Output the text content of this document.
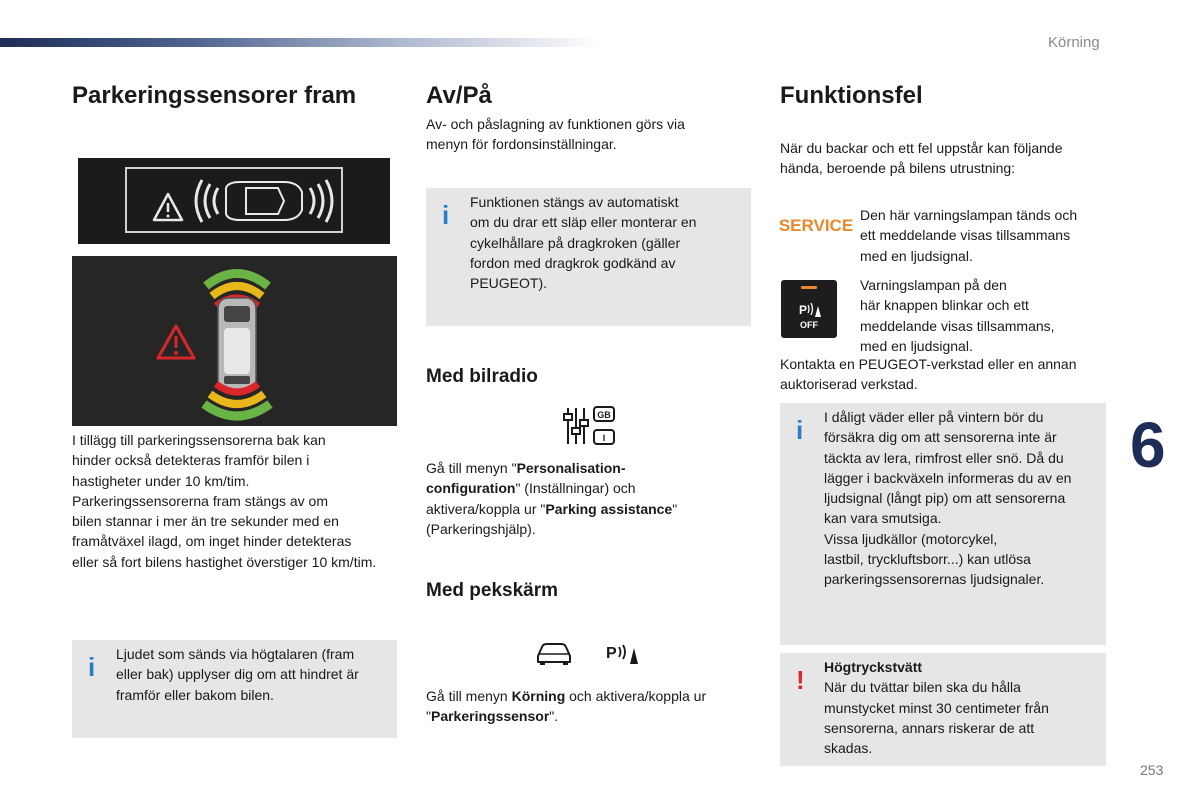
Körning
6
253
Parkeringssensorer fram
I tillägg till parkeringssensorerna bak kan
hinder också detekteras framför bilen i
hastigheter under 10 km/tim.
Parkeringssensorerna fram stängs av om
bilen stannar i mer än tre sekunder med en
framåtväxel ilagd, om inget hinder detekteras
eller så fort bilens hastighet överstiger 10 km/tim.
i Ljudet som sänds via högtalaren (fram
eller bak) upplyser dig om att hindret är
framför eller bakom bilen.
Av/På
Av- och påslagning av funktionen görs via
menyn för fordonsinställningar.
i Funktionen stängs av automatiskt
om du drar ett släp eller monterar en
cykelhållare på dragkroken (gäller
fordon med dragkrok godkänd av
PEUGEOT).
Med bilradio
GB
I
Gå till menyn "Personalisation-
configuration" (Inställningar) och
aktivera/koppla ur "Parking assistance"
(Parkeringshjälp).
Med pekskärm
P
Gå till menyn Körning och aktivera/koppla ur
"Parkeringssensor".
Funktionsfel
När du backar och ett fel uppstår kan följande
hända, beroende på bilens utrustning:
SERVICE
Den här varningslampan tänds och
ett meddelande visas tillsammans
med en ljudsignal.
P
OFF
Varningslampan på den
här knappen blinkar och ett
meddelande visas tillsammans,
med en ljudsignal.
Kontakta en PEUGEOT-verkstad eller en annan
auktoriserad verkstad.
i I dåligt väder eller på vintern bör du
försäkra dig om att sensorerna inte är
täckta av lera, rimfrost eller snö. Då du
lägger i backväxeln informeras du av en
ljudsignal (långt pip) om att sensorerna
kan vara smutsiga.
Vissa ljudkällor (motorcykel,
lastbil, tryckluftsborr...) kan utlösa
parkeringssensorernas ljudsignaler.
! Högtryckstvätt
När du tvättar bilen ska du hålla
munstycket minst 30 centimeter från
sensorerna, annars riskerar de att
skadas.
